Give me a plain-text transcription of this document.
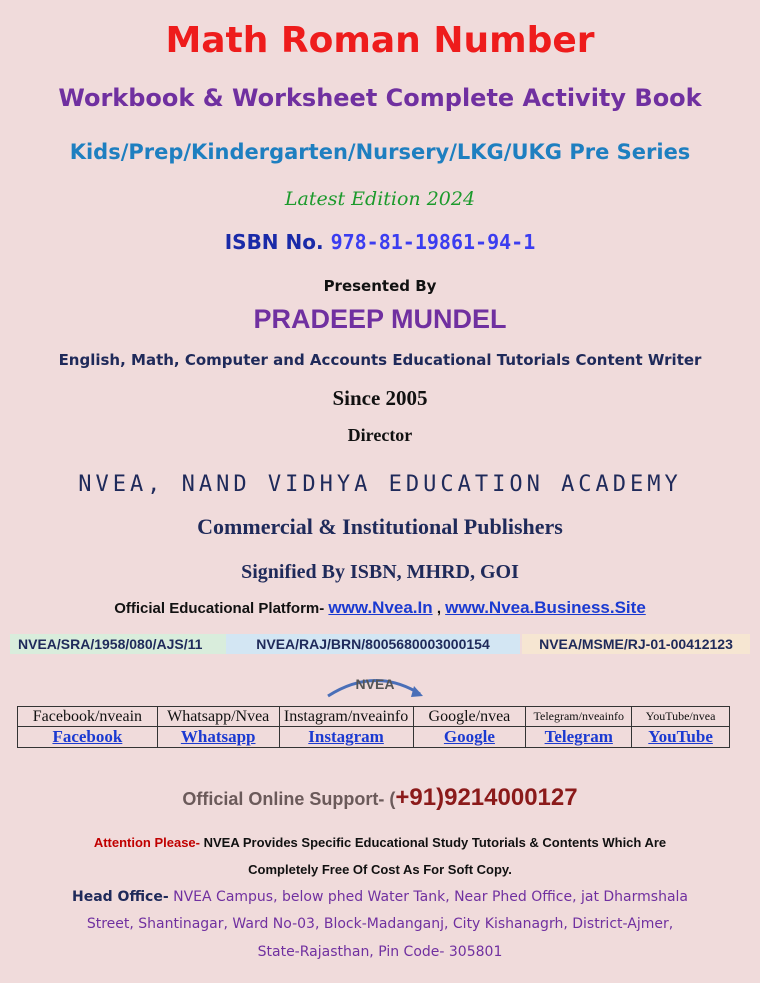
Math Roman Number
Workbook & Worksheet Complete Activity Book
Kids/Prep/Kindergarten/Nursery/LKG/UKG Pre Series
Latest Edition 2024
ISBN No. 978-81-19861-94-1
Presented By
PRADEEP MUNDEL
English, Math, Computer and Accounts Educational Tutorials Content Writer
Since 2005
Director
NVEA, NAND VIDHYA EDUCATION ACADEMY
Commercial & Institutional Publishers
Signified By ISBN, MHRD, GOI
Official Educational Platform- www.Nvea.In , www.Nvea.Business.Site
NVEA/SRA/1958/080/AJS/11	NVEA/RAJ/BRN/8005680003000154	NVEA/MSME/RJ-01-00412123
NVEA
Facebook/nveain	Whatsapp/Nvea	Instagram/nveainfo	Google/nvea	Telegram/nveainfo	YouTube/nvea
Facebook	Whatsapp	Instagram	Google	Telegram	YouTube
Official Online Support- (+91)9214000127
Attention Please- NVEA Provides Specific Educational Study Tutorials & Contents Which Are
Completely Free Of Cost As For Soft Copy.
Head Office- NVEA Campus, below phed Water Tank, Near Phed Office, jat Dharmshala
Street, Shantinagar, Ward No-03, Block-Madanganj, City Kishanagrh, District-Ajmer,
State-Rajasthan, Pin Code- 305801
